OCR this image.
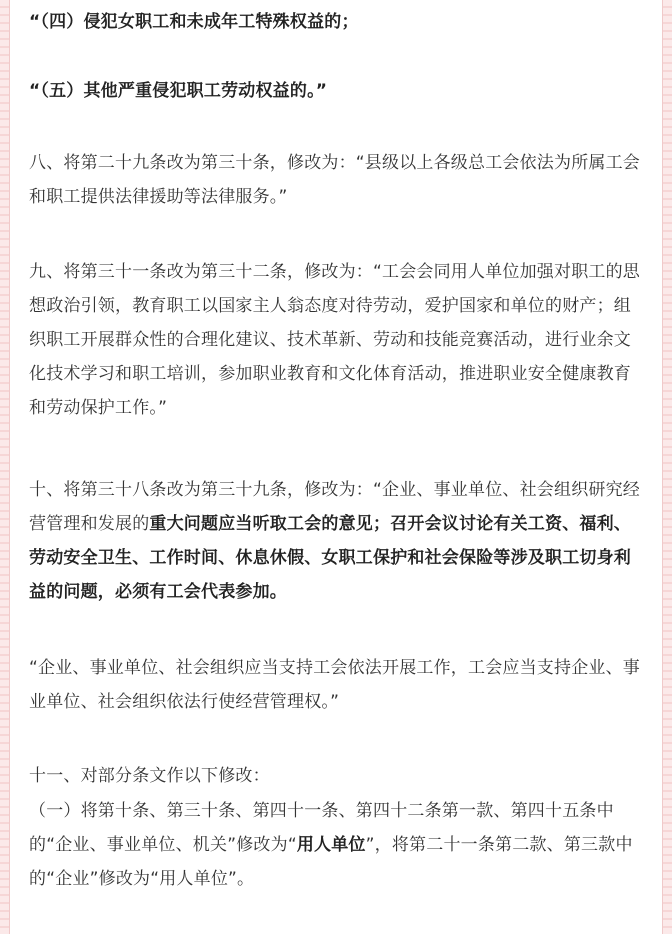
“（四）侵犯女职工和未成年工特殊权益的；

“（五）其他严重侵犯职工劳动权益的。”

八、将第二十九条改为第三十条，修改为：“县级以上各级总工会依法为所属工会和职工提供法律援助等法律服务。”

九、将第三十一条改为第三十二条，修改为：“工会会同用人单位加强对职工的思想政治引领，教育职工以国家主人翁态度对待劳动，爱护国家和单位的财产；组织职工开展群众性的合理化建议、技术革新、劳动和技能竞赛活动，进行业余文化技术学习和职工培训，参加职业教育和文化体育活动，推进职业安全健康教育和劳动保护工作。”

十、将第三十八条改为第三十九条，修改为：“企业、事业单位、社会组织研究经营管理和发展的重大问题应当听取工会的意见；召开会议讨论有关工资、福利、劳动安全卫生、工作时间、休息休假、女职工保护和社会保险等涉及职工切身利益的问题，必须有工会代表参加。

“企业、事业单位、社会组织应当支持工会依法开展工作，工会应当支持企业、事业单位、社会组织依法行使经营管理权。”

十一、对部分条文作以下修改：

（一）将第十条、第三十条、第四十一条、第四十二条第一款、第四十五条中的“企业、事业单位、机关”修改为“用人单位”，将第二十一条第二款、第三款中的“企业”修改为“用人单位”。
